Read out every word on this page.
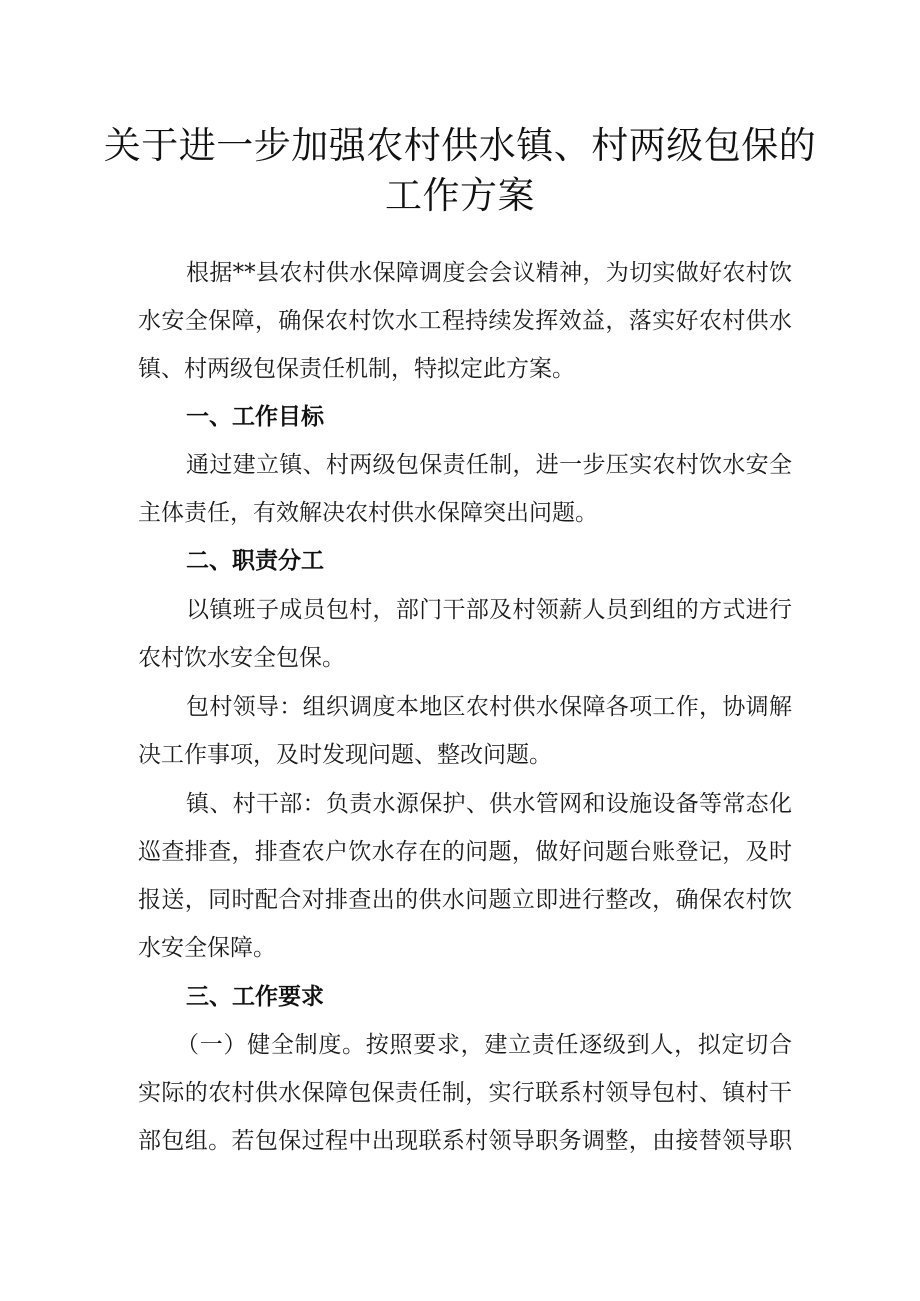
关于进一步加强农村供水镇、村两级包保的
工作方案
根据**县农村供水保障调度会会议精神，为切实做好农村饮
水安全保障，确保农村饮水工程持续发挥效益，落实好农村供水
镇、村两级包保责任机制，特拟定此方案。
一、工作目标
通过建立镇、村两级包保责任制，进一步压实农村饮水安全
主体责任，有效解决农村供水保障突出问题。
二、职责分工
以镇班子成员包村，部门干部及村领薪人员到组的方式进行
农村饮水安全包保。
包村领导：组织调度本地区农村供水保障各项工作，协调解
决工作事项，及时发现问题、整改问题。
镇、村干部：负责水源保护、供水管网和设施设备等常态化
巡查排查，排查农户饮水存在的问题，做好问题台账登记，及时
报送，同时配合对排查出的供水问题立即进行整改，确保农村饮
水安全保障。
三、工作要求
（一）健全制度。按照要求，建立责任逐级到人，拟定切合
实际的农村供水保障包保责任制，实行联系村领导包村、镇村干
部包组。若包保过程中出现联系村领导职务调整，由接替领导职
